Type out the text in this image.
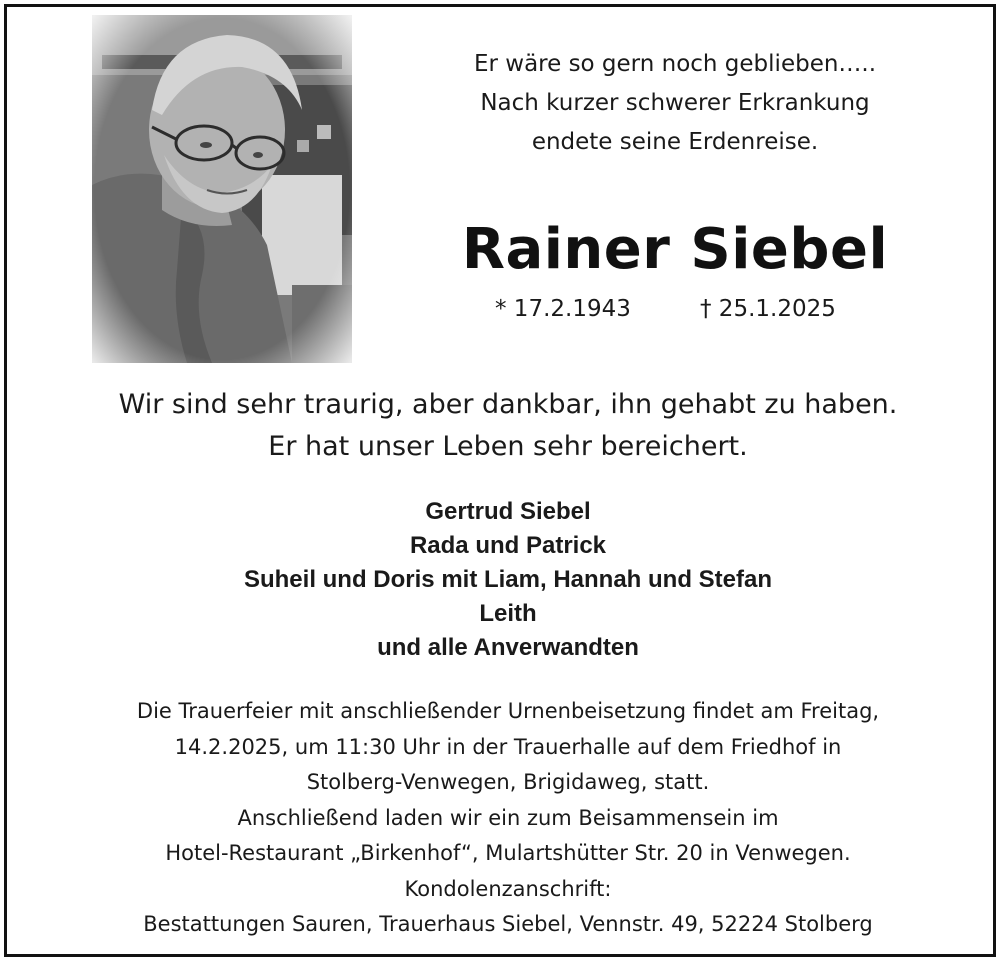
Er wäre so gern noch geblieben…..
Nach kurzer schwerer Erkrankung
endete seine Erdenreise.
Rainer Siebel
* 17.2.1943	† 25.1.2025
Wir sind sehr traurig, aber dankbar, ihn gehabt zu haben.
Er hat unser Leben sehr bereichert.
Gertrud Siebel
Rada und Patrick
Suheil und Doris mit Liam, Hannah und Stefan
Leith
und alle Anverwandten
Die Trauerfeier mit anschließender Urnenbeisetzung findet am Freitag,
14.2.2025, um 11:30 Uhr in der Trauerhalle auf dem Friedhof in
Stolberg-Venwegen, Brigidaweg, statt.
Anschließend laden wir ein zum Beisammensein im
Hotel-Restaurant „Birkenhof“, Mulartshütter Str. 20 in Venwegen.
Kondolenzanschrift:
Bestattungen Sauren, Trauerhaus Siebel, Vennstr. 49, 52224 Stolberg
